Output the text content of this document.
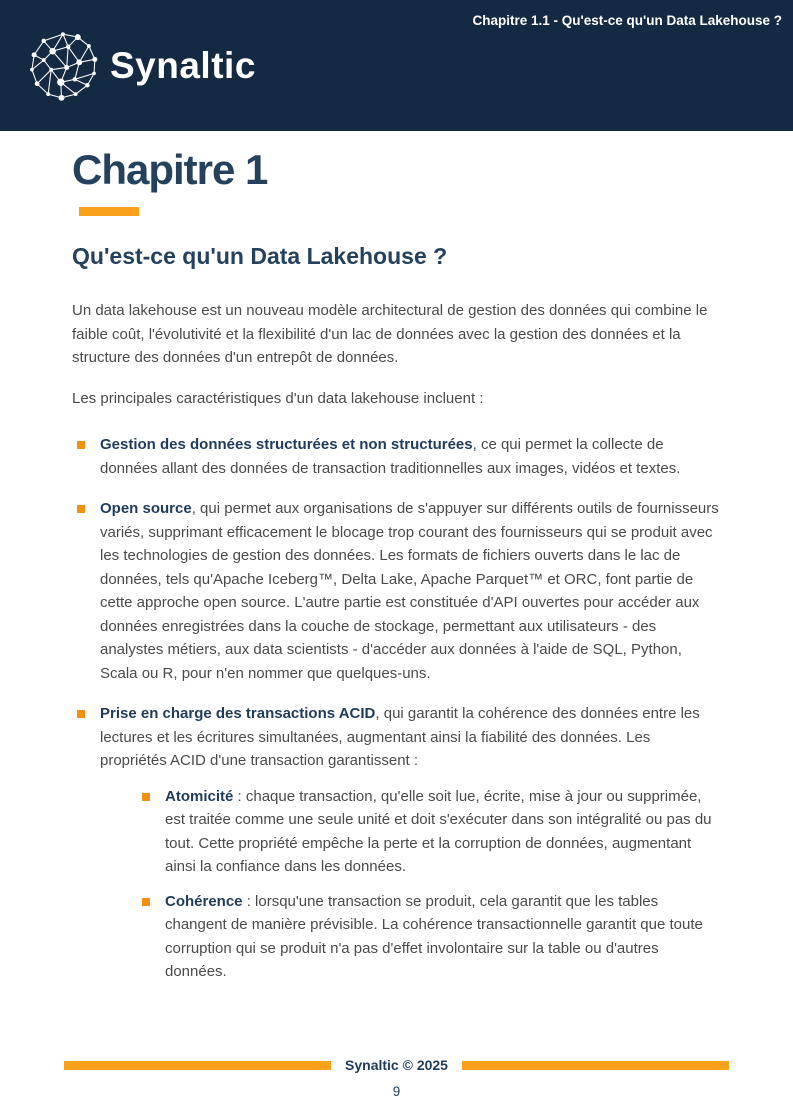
Synaltic
Chapitre 1.1 - Qu'est-ce qu'un Data Lakehouse ?
Chapitre 1
Qu'est-ce qu'un Data Lakehouse ?

Un data lakehouse est un nouveau modèle architectural de gestion des données qui combine le faible coût, l'évolutivité et la flexibilité d'un lac de données avec la gestion des données et la structure des données d'un entrepôt de données.

Les principales caractéristiques d'un data lakehouse incluent :

Gestion des données structurées et non structurées, ce qui permet la collecte de données allant des données de transaction traditionnelles aux images, vidéos et textes.
Open source, qui permet aux organisations de s'appuyer sur différents outils de fournisseurs variés, supprimant efficacement le blocage trop courant des fournisseurs qui se produit avec les technologies de gestion des données. Les formats de fichiers ouverts dans le lac de données, tels qu'Apache Iceberg™, Delta Lake, Apache Parquet™ et ORC, font partie de cette approche open source. L'autre partie est constituée d'API ouvertes pour accéder aux données enregistrées dans la couche de stockage, permettant aux utilisateurs - des analystes métiers, aux data scientists - d'accéder aux données à l'aide de SQL, Python, Scala ou R, pour n'en nommer que quelques-uns.
Prise en charge des transactions ACID, qui garantit la cohérence des données entre les lectures et les écritures simultanées, augmentant ainsi la fiabilité des données. Les propriétés ACID d'une transaction garantissent :
Atomicité : chaque transaction, qu'elle soit lue, écrite, mise à jour ou supprimée, est traitée comme une seule unité et doit s'exécuter dans son intégralité ou pas du tout. Cette propriété empêche la perte et la corruption de données, augmentant ainsi la confiance dans les données.
Cohérence : lorsqu'une transaction se produit, cela garantit que les tables changent de manière prévisible. La cohérence transactionnelle garantit que toute corruption qui se produit n'a pas d'effet involontaire sur la table ou d'autres données.
Synaltic © 2025
9
